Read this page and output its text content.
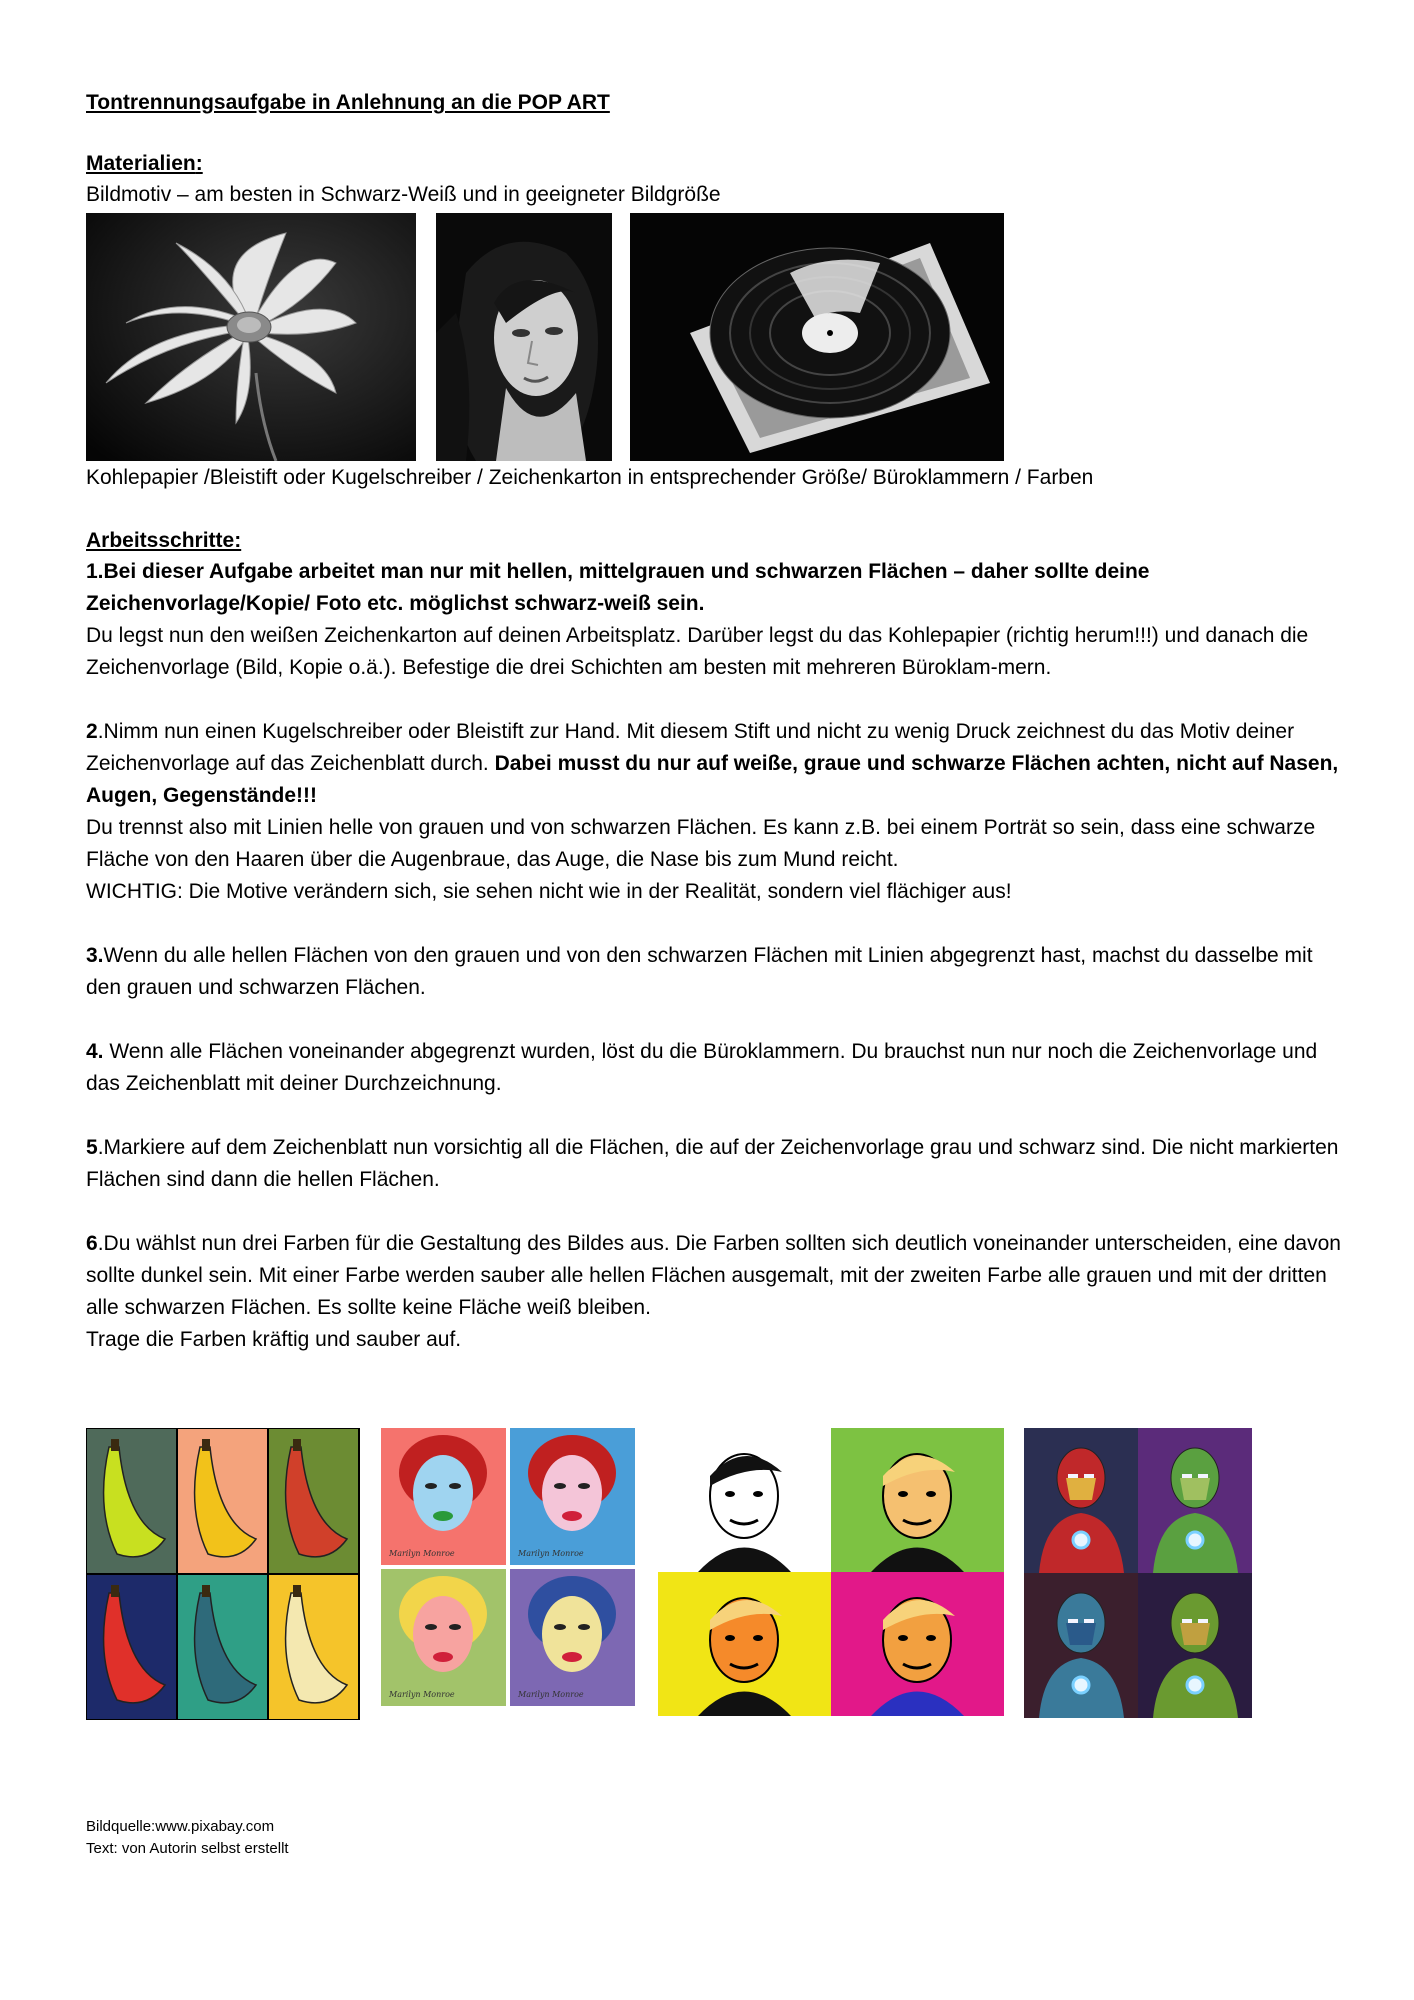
Tontrennungsaufgabe in Anlehnung an die POP ART
Materialien:

Bildmotiv – am besten in Schwarz-Weiß und in geeigneter Bildgröße

Kohlepapier /Bleistift oder Kugelschreiber / Zeichenkarton in entsprechender Größe/ Büroklammern / Farben

Arbeitsschritte:

1.Bei dieser Aufgabe arbeitet man nur mit hellen, mittelgrauen und schwarzen Flächen – daher sollte deine Zeichenvorlage/Kopie/ Foto etc. möglichst schwarz-weiß sein.

Du legst nun den weißen Zeichenkarton auf deinen Arbeitsplatz. Darüber legst du das Kohlepapier (richtig herum!!!) und danach die Zeichenvorlage (Bild, Kopie o.ä.). Befestige die drei Schichten am besten mit mehreren Büroklam-mern.

2.Nimm nun einen Kugelschreiber oder Bleistift zur Hand. Mit diesem Stift und nicht zu wenig Druck zeichnest du das Motiv deiner Zeichenvorlage auf das Zeichenblatt durch. Dabei musst du nur auf weiße, graue und schwarze Flächen achten, nicht auf Nasen, Augen, Gegenstände!!!

Du trennst also mit Linien helle von grauen und von schwarzen Flächen. Es kann z.B. bei einem Porträt so sein, dass eine schwarze Fläche von den Haaren über die Augenbraue, das Auge, die Nase bis zum Mund reicht.

WICHTIG: Die Motive verändern sich, sie sehen nicht wie in der Realität, sondern viel flächiger aus!

3.Wenn du alle hellen Flächen von den grauen und von den schwarzen Flächen mit Linien abgegrenzt hast, machst du dasselbe mit den grauen und schwarzen Flächen.

4. Wenn alle Flächen voneinander abgegrenzt wurden, löst du die Büroklammern. Du brauchst nun nur noch die Zeichenvorlage und das Zeichenblatt mit deiner Durchzeichnung.

5.Markiere auf dem Zeichenblatt nun vorsichtig all die Flächen, die auf der Zeichenvorlage grau und schwarz sind. Die nicht markierten Flächen sind dann die hellen Flächen.

6.Du wählst nun drei Farben für die Gestaltung des Bildes aus. Die Farben sollten sich deutlich voneinander unterscheiden, eine davon sollte dunkel sein. Mit einer Farbe werden sauber alle hellen Flächen ausgemalt, mit der zweiten Farbe alle grauen und mit der dritten alle schwarzen Flächen. Es sollte keine Fläche weiß bleiben.

Trage die Farben kräftig und sauber auf.

Marilyn Monroe	Marilyn Monroe
Marilyn Monroe	Marilyn Monroe
Bildquelle:www.pixabay.com
Text: von Autorin selbst erstellt
